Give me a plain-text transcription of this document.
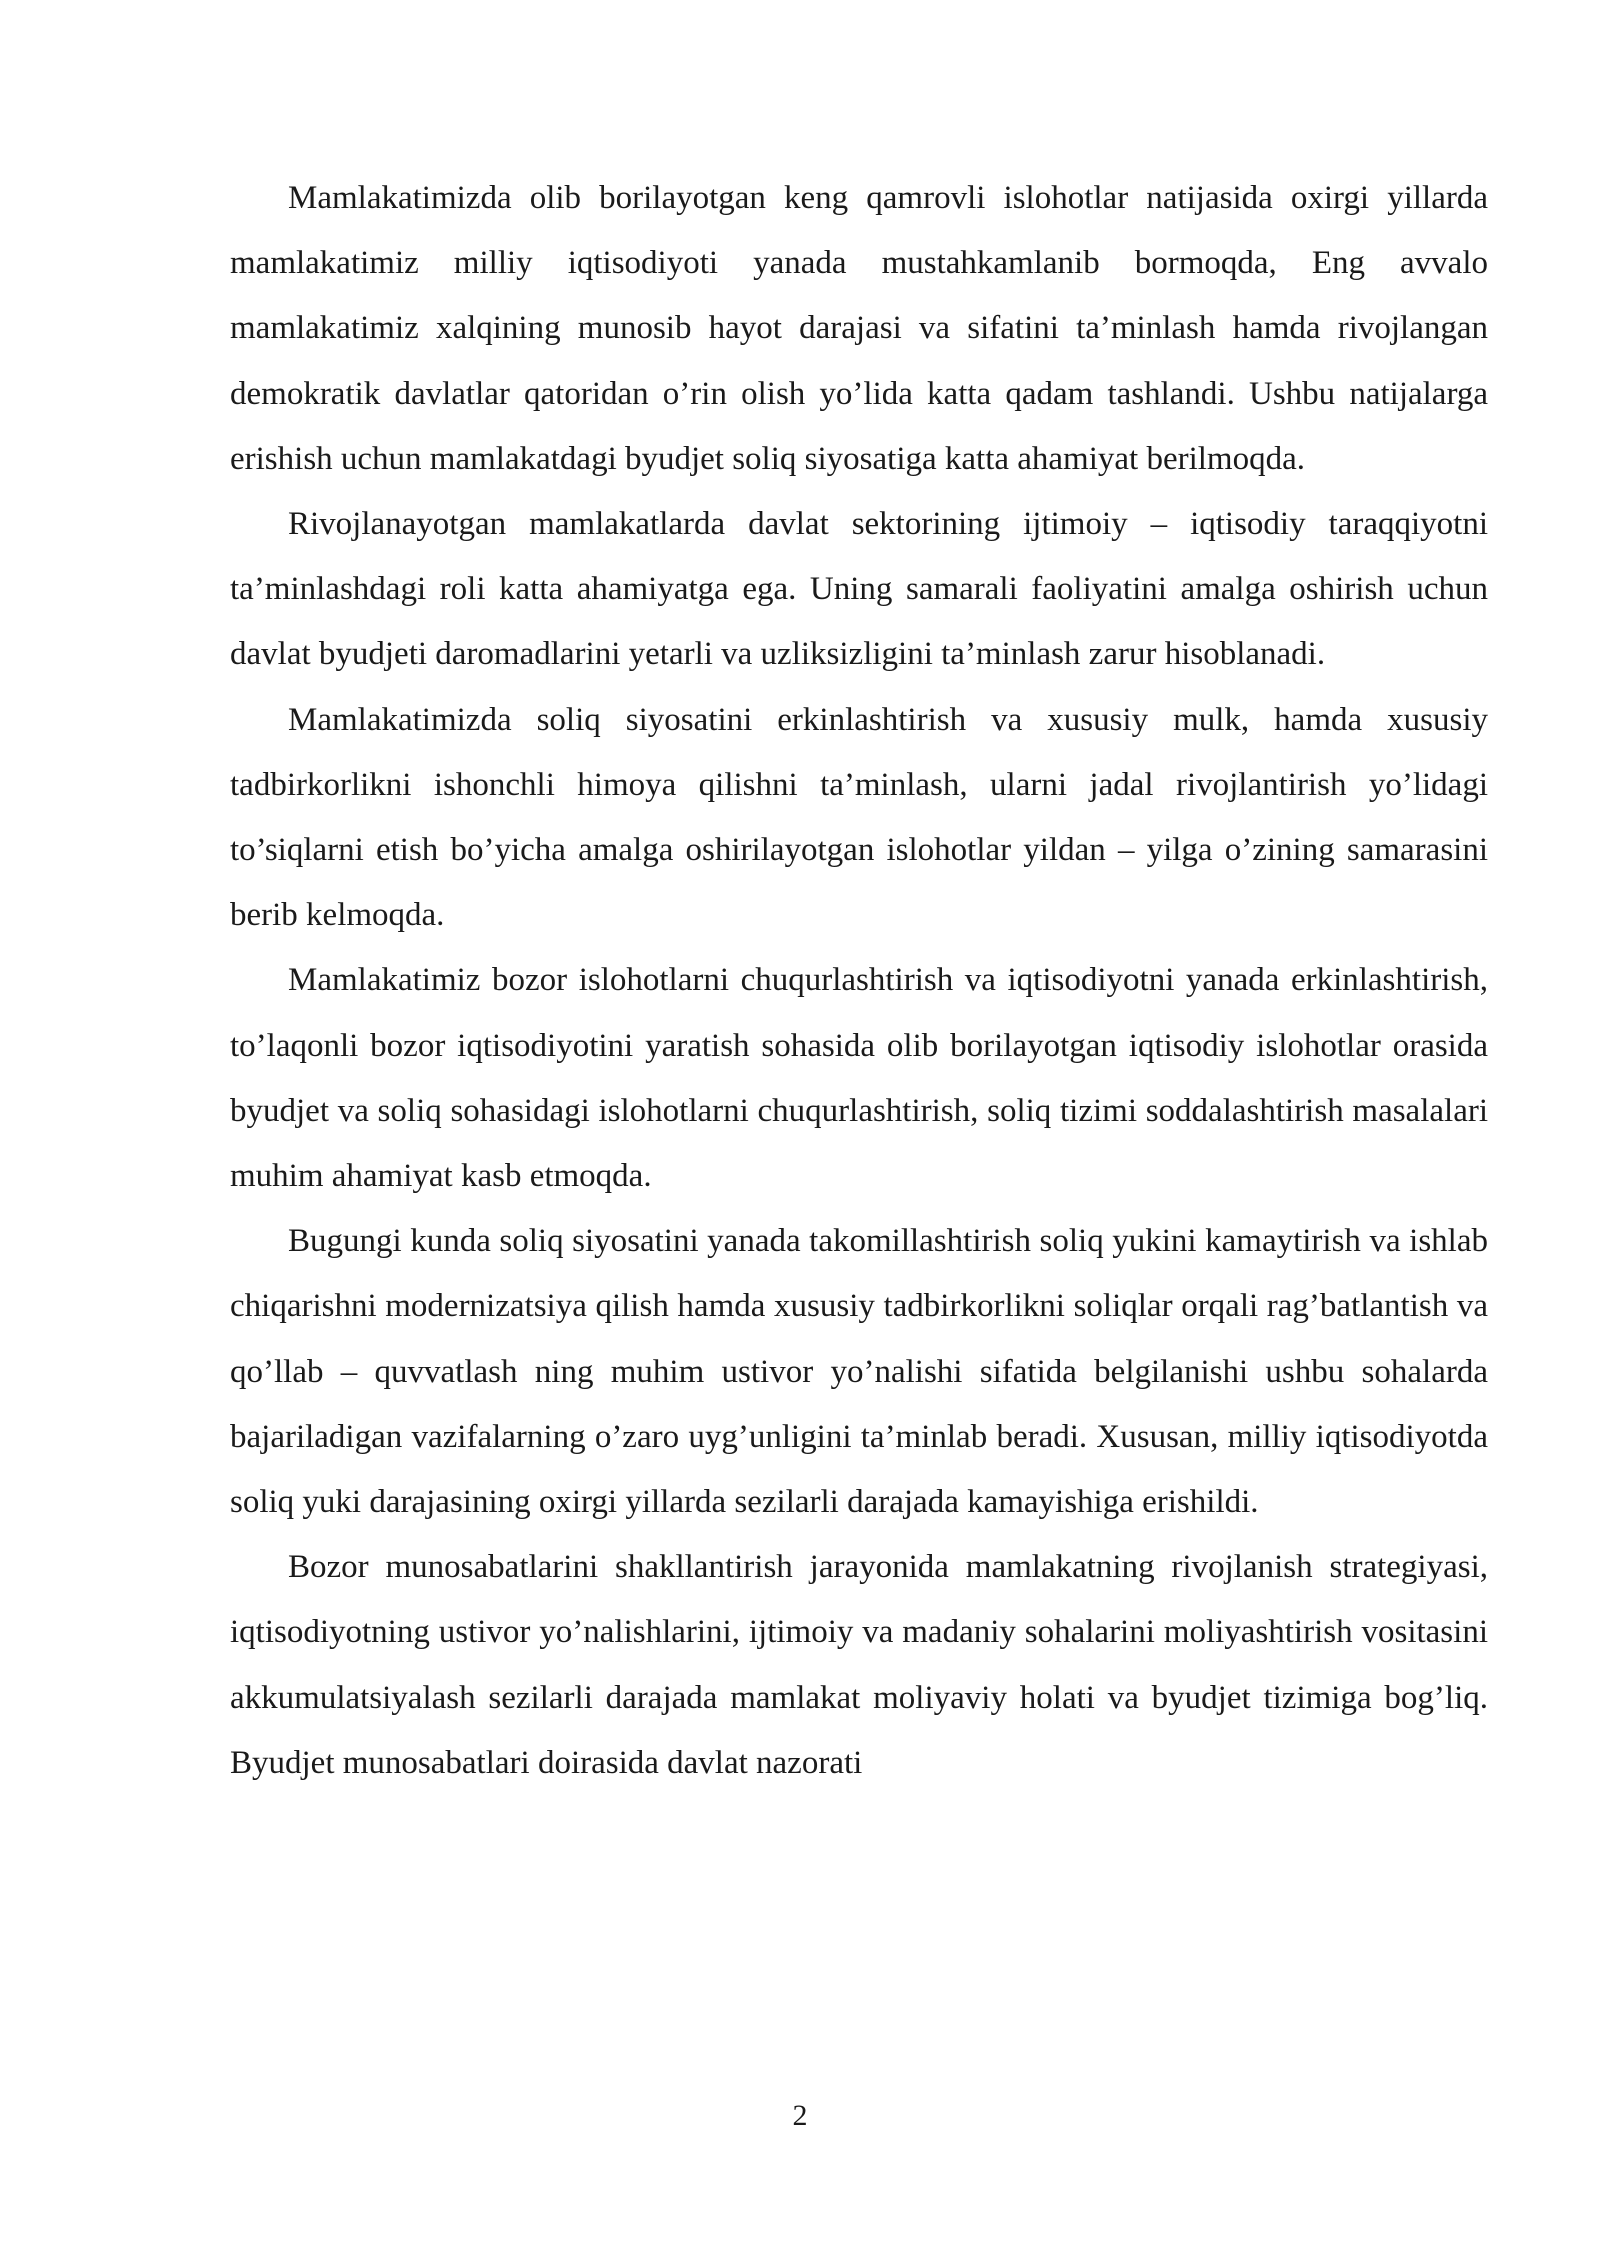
Mamlakatimizda olib borilayotgan keng qamrovli islohotlar natijasida oxirgi yillarda mamlakatimiz milliy iqtisodiyoti yanada mustahkamlanib bormoqda, Eng avvalo mamlakatimiz xalqining munosib hayot darajasi va sifatini ta’minlash hamda rivojlangan demokratik davlatlar qatoridan o’rin olish yo’lida katta qadam tashlandi. Ushbu natijalarga erishish uchun mamlakatdagi byudjet soliq siyosatiga katta ahamiyat berilmoqda.

Rivojlanayotgan mamlakatlarda davlat sektorining ijtimoiy – iqtisodiy taraqqiyotni ta’minlashdagi roli katta ahamiyatga ega. Uning samarali faoliyatini amalga oshirish uchun davlat byudjeti daromadlarini yetarli va uzliksizligini ta’minlash zarur hisoblanadi.

Mamlakatimizda soliq siyosatini erkinlashtirish va xususiy mulk, hamda xususiy tadbirkorlikni ishonchli himoya qilishni ta’minlash, ularni jadal rivojlantirish yo’lidagi to’siqlarni etish bo’yicha amalga oshirilayotgan islohotlar yildan – yilga o’zining samarasini berib kelmoqda.

Mamlakatimiz bozor islohotlarni chuqurlashtirish va iqtisodiyotni yanada erkinlashtirish, to’laqonli bozor iqtisodiyotini yaratish sohasida olib borilayotgan iqtisodiy islohotlar orasida byudjet va soliq sohasidagi islohotlarni chuqurlashtirish, soliq tizimi soddalashtirish masalalari muhim ahamiyat kasb etmoqda.

Bugungi kunda soliq siyosatini yanada takomillashtirish soliq yukini kamaytirish va ishlab chiqarishni modernizatsiya qilish hamda xususiy tadbirkorlikni soliqlar orqali rag’batlantish va qo’llab – quvvatlash ning muhim ustivor yo’nalishi sifatida belgilanishi ushbu sohalarda bajariladigan vazifalarning o’zaro uyg’unligini ta’minlab beradi. Xususan, milliy iqtisodiyotda soliq yuki darajasining oxirgi yillarda sezilarli darajada kamayishiga erishildi.

Bozor munosabatlarini shakllantirish jarayonida mamlakatning rivojlanish strategiyasi, iqtisodiyotning ustivor yo’nalishlarini, ijtimoiy va madaniy sohalarini moliyashtirish vositasini akkumulatsiyalash sezilarli darajada mamlakat moliyaviy holati va byudjet tizimiga bog’liq. Byudjet munosabatlari doirasida davlat nazorati

2
